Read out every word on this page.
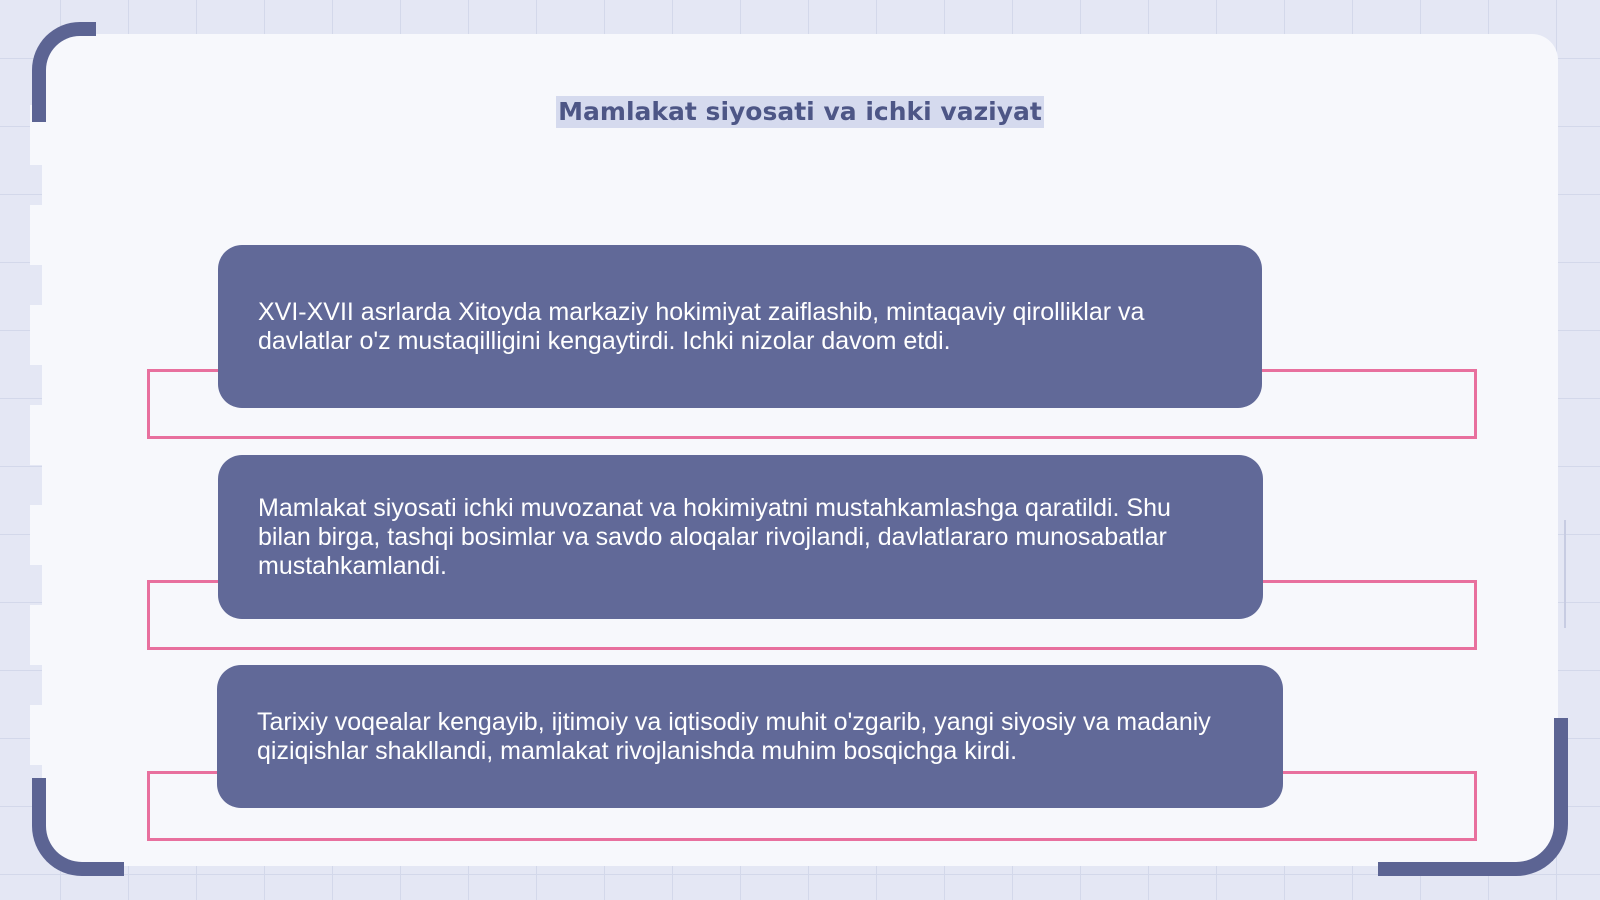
Mamlakat siyosati va ichki vaziyat

XVI-XVII asrlarda Xitoyda markaziy hokimiyat zaiflashib, mintaqaviy qirolliklar va davlatlar o'z mustaqilligini kengaytirdi. Ichki nizolar davom etdi.

Mamlakat siyosati ichki muvozanat va hokimiyatni mustahkamlashga qaratildi. Shu bilan birga, tashqi bosimlar va savdo aloqalar rivojlandi, davlatlararo munosabatlar mustahkamlandi.

Tarixiy voqealar kengayib, ijtimoiy va iqtisodiy muhit o'zgarib, yangi siyosiy va madaniy qiziqishlar shakllandi, mamlakat rivojlanishda muhim bosqichga kirdi.
